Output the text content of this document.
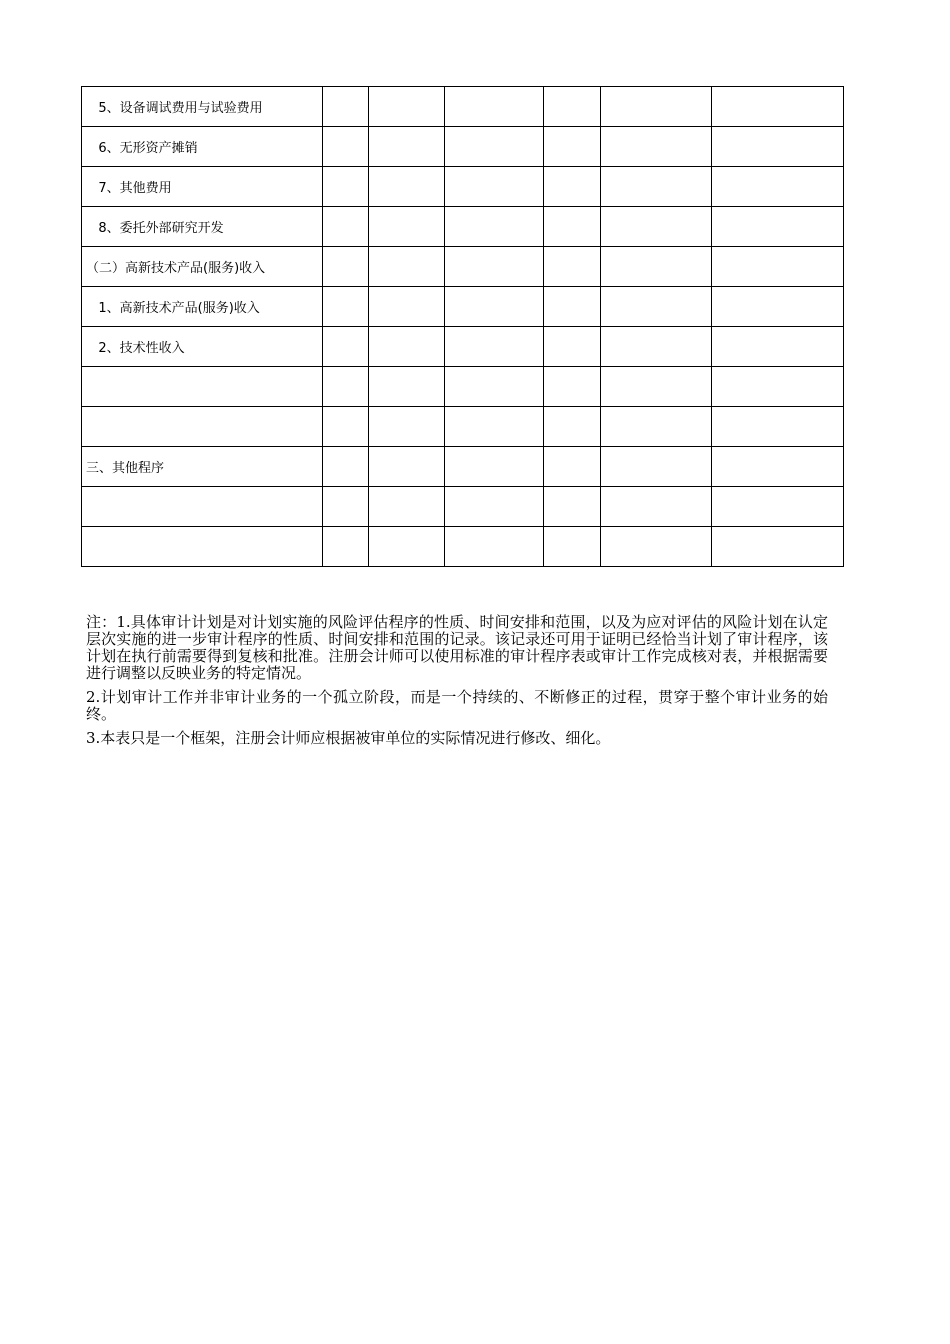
5、设备调试费用与试验费用						
6、无形资产摊销						
7、其他费用						
8、委托外部研究开发						
（二）高新技术产品(服务)收入						
1、高新技术产品(服务)收入						
2、技术性收入						

三、其他程序						

注：1.具体审计计划是对计划实施的风险评估程序的性质、时间安排和范围，以及为应对评估的风险计划在认定层次实施的进一步审计程序的性质、时间安排和范围的记录。该记录还可用于证明已经恰当计划了审计程序，该计划在执行前需要得到复核和批准。注册会计师可以使用标准的审计程序表或审计工作完成核对表，并根据需要进行调整以反映业务的特定情况。

2.计划审计工作并非审计业务的一个孤立阶段，而是一个持续的、不断修正的过程，贯穿于整个审计业务的始终。

3.本表只是一个框架，注册会计师应根据被审单位的实际情况进行修改、细化。
